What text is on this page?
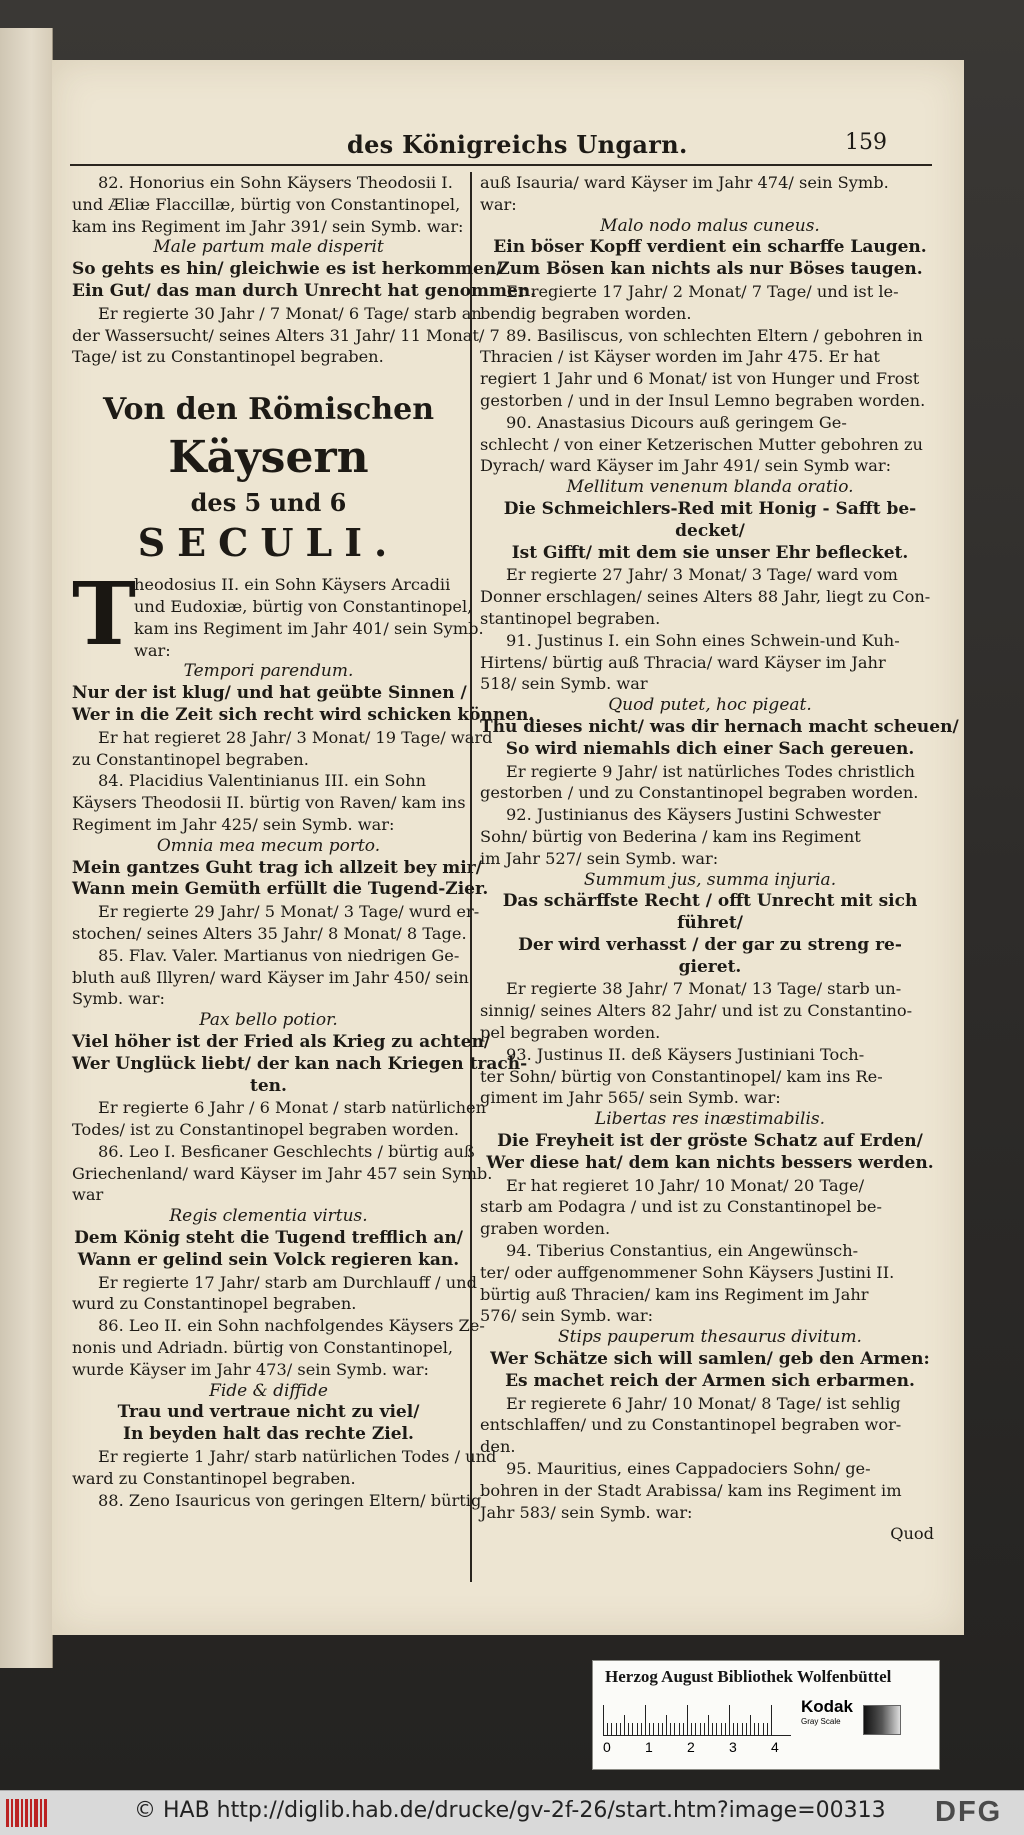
des Königreichs Ungarn.	159
82. Honorius ein Sohn Käysers Theodosii I.
und Æliæ Flaccillæ, bürtig von Constantinopel,
kam ins Regiment im Jahr 391/ sein Symb. war:
Male partum male disperit
So gehts es hin/ gleichwie es ist herkommen/
Ein Gut/ das man durch Unrecht hat genommen.
Er regierte 30 Jahr / 7 Monat/ 6 Tage/ starb an
der Wassersucht/ seines Alters 31 Jahr/ 11 Monat/ 7
Tage/ ist zu Constantinopel begraben.
Von den Römischen
Käysern
des 5 und 6
SECULI.
T
heodosius II. ein Sohn Käysers Arcadii
und Eudoxiæ, bürtig von Constantinopel,
kam ins Regiment im Jahr 401/ sein Symb.
war:
Tempori parendum.
Nur der ist klug/ und hat geübte Sinnen /
Wer in die Zeit sich recht wird schicken können.
Er hat regieret 28 Jahr/ 3 Monat/ 19 Tage/ ward
zu Constantinopel begraben.
84. Placidius Valentinianus III. ein Sohn
Käysers Theodosii II. bürtig von Raven/ kam ins
Regiment im Jahr 425/ sein Symb. war:
Omnia mea mecum porto.
Mein gantzes Guht trag ich allzeit bey mir/
Wann mein Gemüth erfüllt die Tugend-Zier.
Er regierte 29 Jahr/ 5 Monat/ 3 Tage/ wurd er-
stochen/ seines Alters 35 Jahr/ 8 Monat/ 8 Tage.
85. Flav. Valer. Martianus von niedrigen Ge-
bluth auß Illyren/ ward Käyser im Jahr 450/ sein
Symb. war:
Pax bello potior.
Viel höher ist der Fried als Krieg zu achten/
Wer Unglück liebt/ der kan nach Kriegen trach-
ten.
Er regierte 6 Jahr / 6 Monat / starb natürlichen
Todes/ ist zu Constantinopel begraben worden.
86. Leo I. Besficaner Geschlechts / bürtig auß
Griechenland/ ward Käyser im Jahr 457 sein Symb.
war
Regis clementia virtus.
Dem König steht die Tugend trefflich an/
Wann er gelind sein Volck regieren kan.
Er regierte 17 Jahr/ starb am Durchlauff / und
wurd zu Constantinopel begraben.
86. Leo II. ein Sohn nachfolgendes Käysers Ze-
nonis und Adriadn. bürtig von Constantinopel,
wurde Käyser im Jahr 473/ sein Symb. war:
Fide & diffide
Trau und vertraue nicht zu viel/
In beyden halt das rechte Ziel.
Er regierte 1 Jahr/ starb natürlichen Todes / und
ward zu Constantinopel begraben.
88. Zeno Isauricus von geringen Eltern/ bürtig
auß Isauria/ ward Käyser im Jahr 474/ sein Symb.
war:
Malo nodo malus cuneus.
Ein böser Kopff verdient ein scharffe Laugen.
Zum Bösen kan nichts als nur Böses taugen.
Er regierte 17 Jahr/ 2 Monat/ 7 Tage/ und ist le-
bendig begraben worden.
89. Basiliscus, von schlechten Eltern / gebohren in
Thracien / ist Käyser worden im Jahr 475. Er hat
regiert 1 Jahr und 6 Monat/ ist von Hunger und Frost
gestorben / und in der Insul Lemno begraben worden.
90. Anastasius Dicours auß geringem Ge-
schlecht / von einer Ketzerischen Mutter gebohren zu
Dyrach/ ward Käyser im Jahr 491/ sein Symb war:
Mellitum venenum blanda oratio.
Die Schmeichlers-Red mit Honig - Safft be-
decket/
Ist Gifft/ mit dem sie unser Ehr beflecket.
Er regierte 27 Jahr/ 3 Monat/ 3 Tage/ ward vom
Donner erschlagen/ seines Alters 88 Jahr, liegt zu Con-
stantinopel begraben.
91. Justinus I. ein Sohn eines Schwein-und Kuh-
Hirtens/ bürtig auß Thracia/ ward Käyser im Jahr
518/ sein Symb. war
Quod putet, hoc pigeat.
Thu dieses nicht/ was dir hernach macht scheuen/
So wird niemahls dich einer Sach gereuen.
Er regierte 9 Jahr/ ist natürliches Todes christlich
gestorben / und zu Constantinopel begraben worden.
92. Justinianus des Käysers Justini Schwester
Sohn/ bürtig von Bederina / kam ins Regiment
im Jahr 527/ sein Symb. war:
Summum jus, summa injuria.
Das schärffste Recht / offt Unrecht mit sich
führet/
Der wird verhasst / der gar zu streng re-
gieret.
Er regierte 38 Jahr/ 7 Monat/ 13 Tage/ starb un-
sinnig/ seines Alters 82 Jahr/ und ist zu Constantino-
pel begraben worden.
93. Justinus II. deß Käysers Justiniani Toch-
ter Sohn/ bürtig von Constantinopel/ kam ins Re-
giment im Jahr 565/ sein Symb. war:
Libertas res inæstimabilis.
Die Freyheit ist der gröste Schatz auf Erden/
Wer diese hat/ dem kan nichts bessers werden.
Er hat regieret 10 Jahr/ 10 Monat/ 20 Tage/
starb am Podagra / und ist zu Constantinopel be-
graben worden.
94. Tiberius Constantius, ein Angewünsch-
ter/ oder auffgenommener Sohn Käysers Justini II.
bürtig auß Thracien/ kam ins Regiment im Jahr
576/ sein Symb. war:
Stips pauperum thesaurus divitum.
Wer Schätze sich will samlen/ geb den Armen:
Es machet reich der Armen sich erbarmen.
Er regierete 6 Jahr/ 10 Monat/ 8 Tage/ ist sehlig
entschlaffen/ und zu Constantinopel begraben wor-
den.
95. Mauritius, eines Cappadociers Sohn/ ge-
bohren in der Stadt Arabissa/ kam ins Regiment im
Jahr 583/ sein Symb. war:
Quod
Herzog August Bibliothek Wolfenbüttel
0 1 2 3 4
Kodak
Gray Scale
© HAB http://diglib.hab.de/drucke/gv-2f-26/start.htm?image=00313 DFG
